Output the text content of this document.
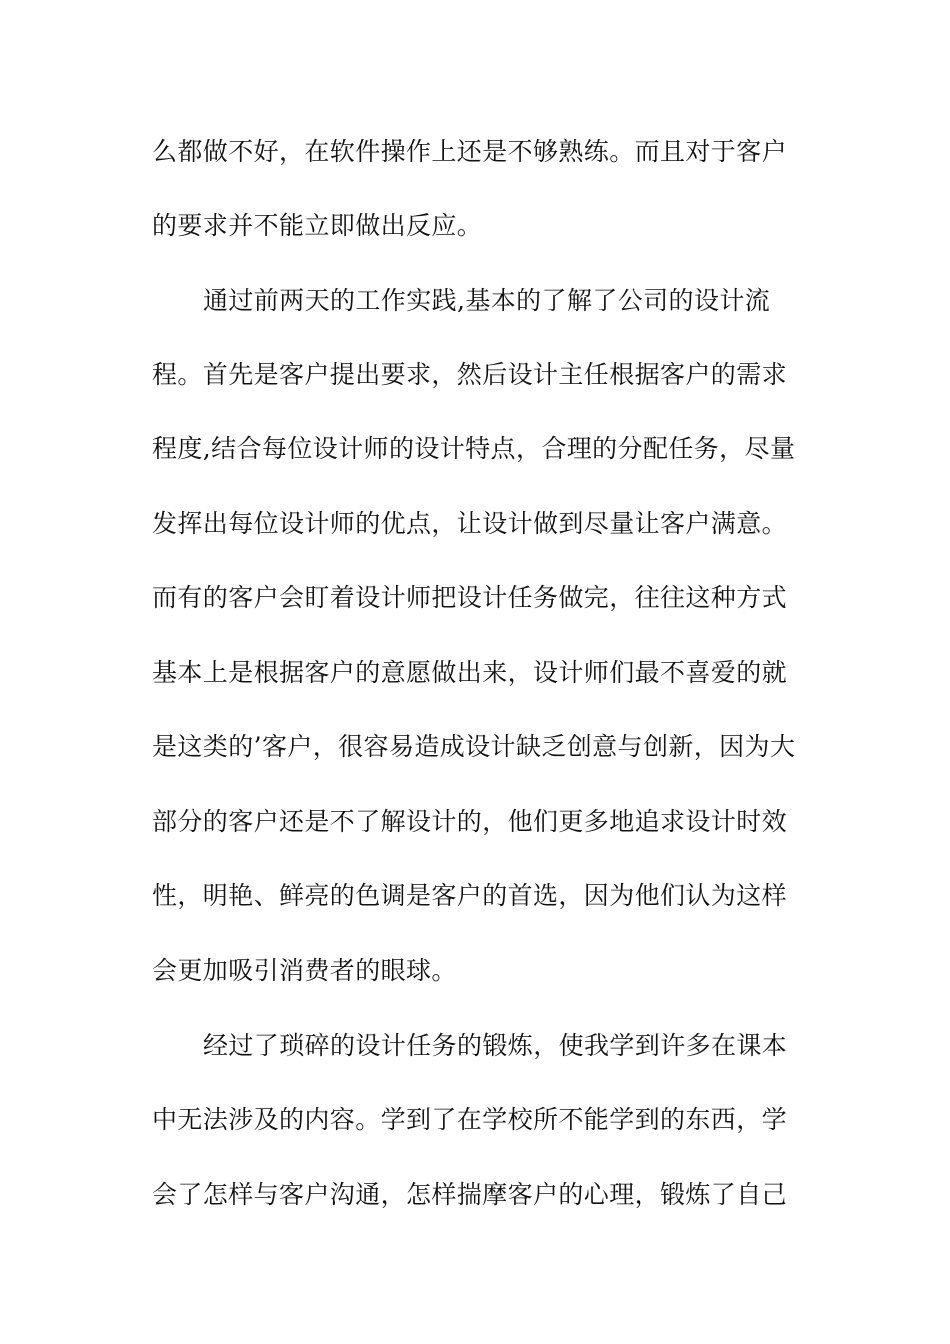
么都做不好，在软件操作上还是不够熟练。而且对于客户
的要求并不能立即做出反应。
通过前两天的工作实践,基本的了解了公司的设计流
程。首先是客户提出要求，然后设计主任根据客户的需求
程度,结合每位设计师的设计特点，合理的分配任务，尽量
发挥出每位设计师的优点，让设计做到尽量让客户满意。
而有的客户会盯着设计师把设计任务做完，往往这种方式
基本上是根据客户的意愿做出来，设计师们最不喜爱的就
是这类的’客户，很容易造成设计缺乏创意与创新，因为大
部分的客户还是不了解设计的，他们更多地追求设计时效
性，明艳、鲜亮的色调是客户的首选，因为他们认为这样
会更加吸引消费者的眼球。
经过了琐碎的设计任务的锻炼，使我学到许多在课本
中无法涉及的内容。学到了在学校所不能学到的东西，学
会了怎样与客户沟通，怎样揣摩客户的心理，锻炼了自己
